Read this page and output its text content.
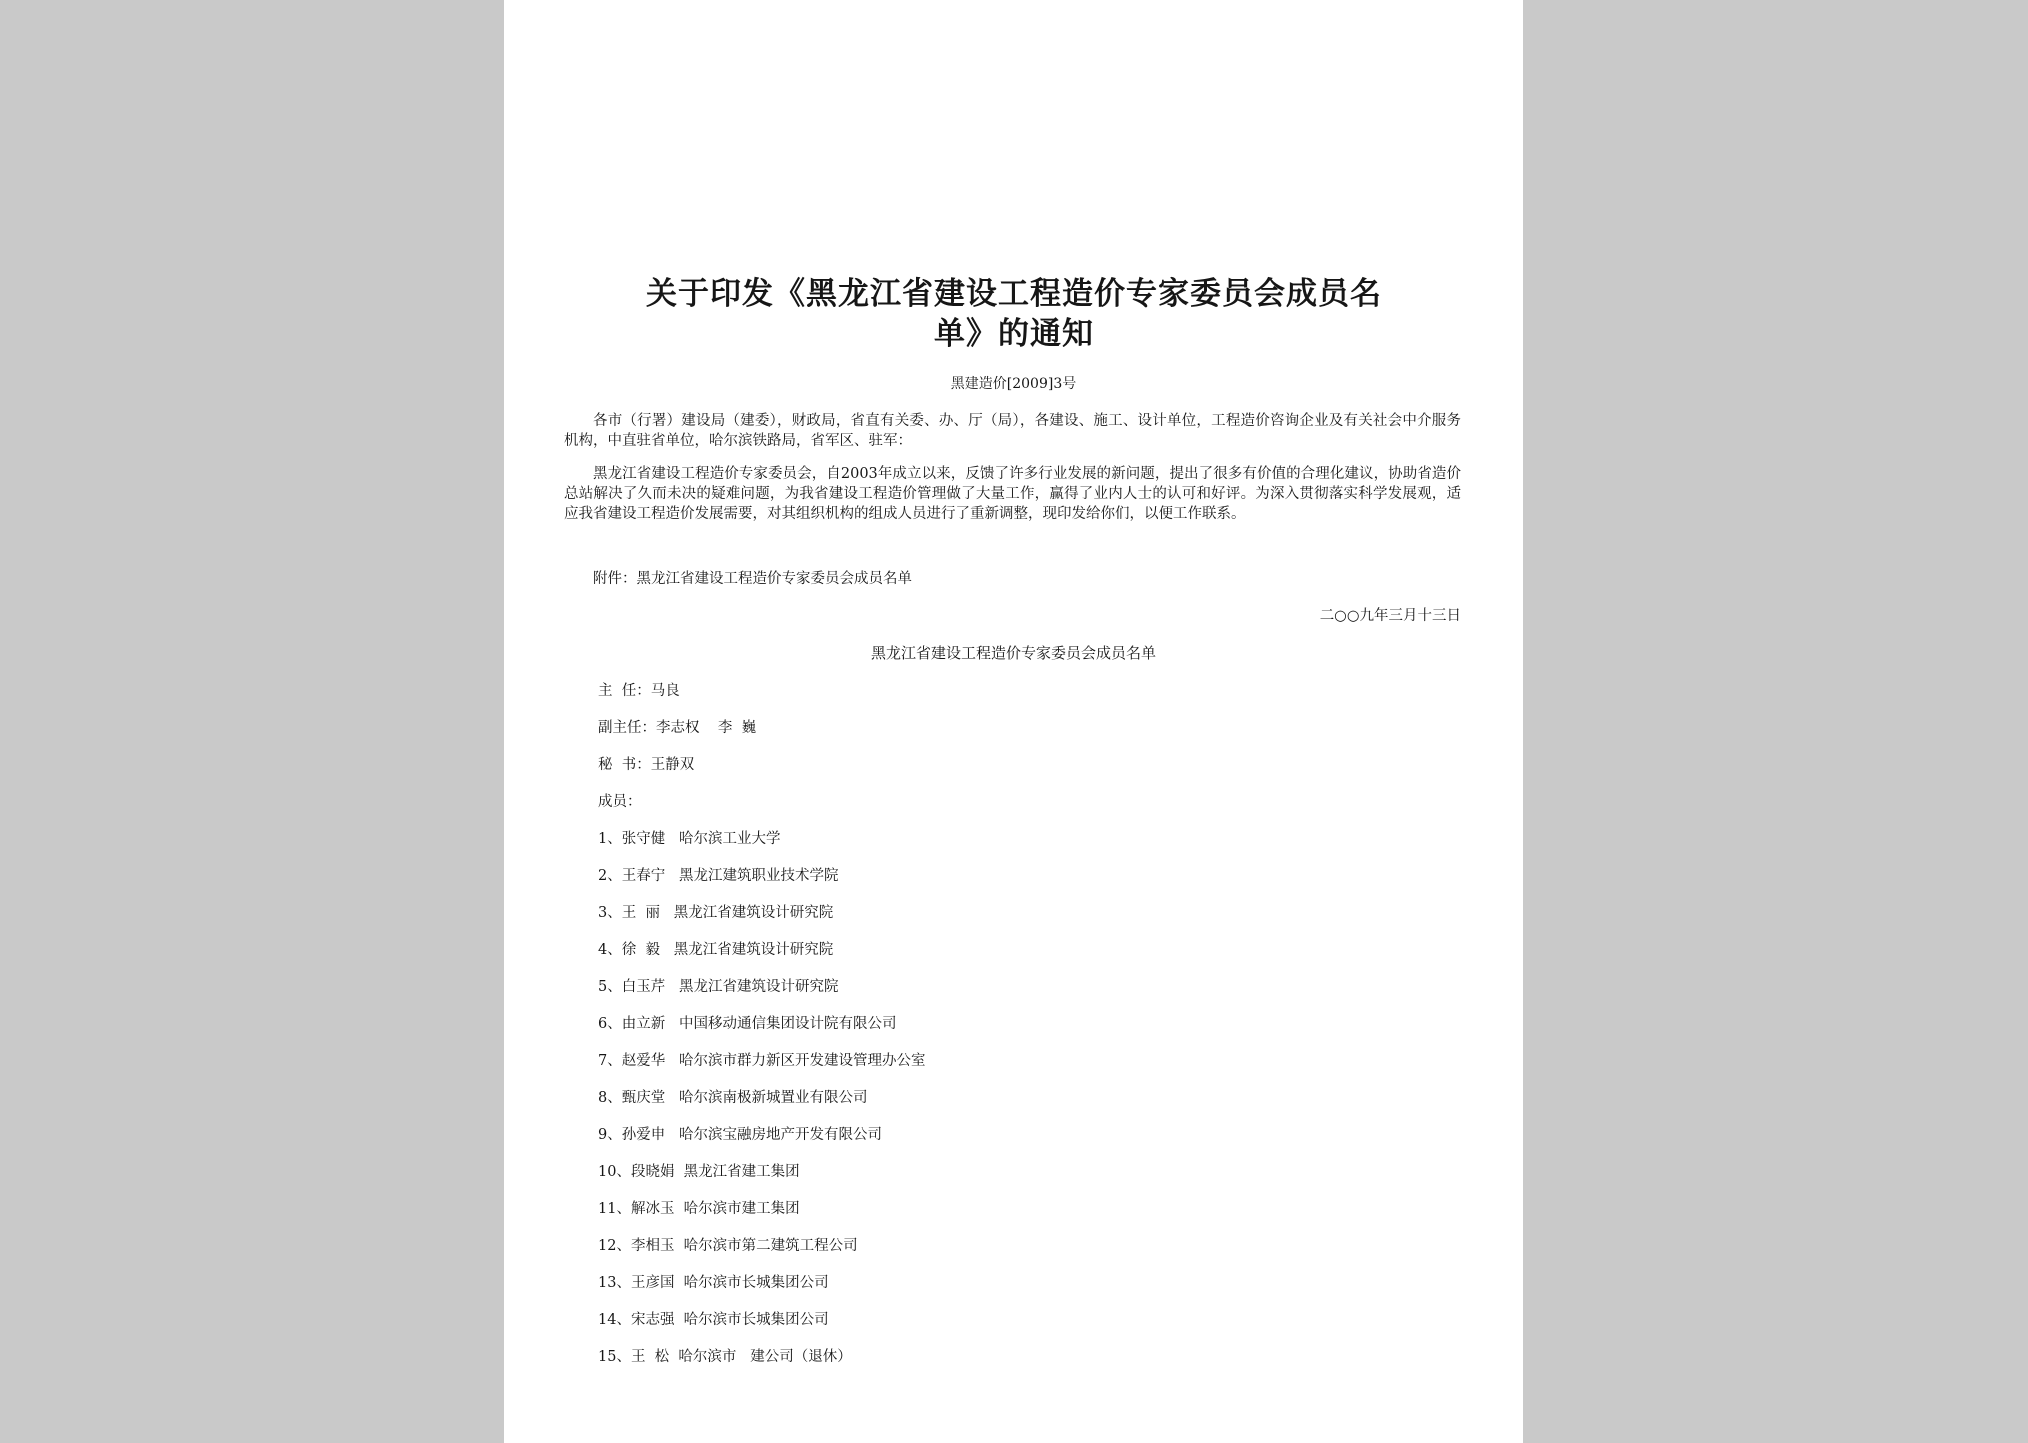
关于印发《黑龙江省建设工程造价专家委员会成员名
单》的通知
黑建造价[2009]3号

各市（行署）建设局（建委），财政局，省直有关委、办、厅（局），各建设、施工、设计单位，工程造价咨询企业及有关社会中介服务机构，中直驻省单位，哈尔滨铁路局，省军区、驻军：

黑龙江省建设工程造价专家委员会，自2003年成立以来，反馈了许多行业发展的新问题，提出了很多有价值的合理化建议，协助省造价总站解决了久而未决的疑难问题，为我省建设工程造价管理做了大量工作，赢得了业内人士的认可和好评。为深入贯彻落实科学发展观，适应我省建设工程造价发展需要，对其组织机构的组成人员进行了重新调整，现印发给你们，以便工作联系。

附件：黑龙江省建设工程造价专家委员会成员名单
二○○九年三月十三日
黑龙江省建设工程造价专家委员会成员名单
主  任：马良
副主任：李志权    李  巍
秘  书：王静双
成员：
1、张守健   哈尔滨工业大学
2、王春宁   黑龙江建筑职业技术学院
3、王  丽   黑龙江省建筑设计研究院
4、徐  毅   黑龙江省建筑设计研究院
5、白玉芹   黑龙江省建筑设计研究院
6、由立新   中国移动通信集团设计院有限公司
7、赵爱华   哈尔滨市群力新区开发建设管理办公室
8、甄庆堂   哈尔滨南极新城置业有限公司
9、孙爱申   哈尔滨宝融房地产开发有限公司
10、段晓娟  黑龙江省建工集团
11、解冰玉  哈尔滨市建工集团
12、李相玉  哈尔滨市第二建筑工程公司
13、王彦国  哈尔滨市长城集团公司
14、宋志强  哈尔滨市长城集团公司
15、王  松  哈尔滨市   建公司（退休）
